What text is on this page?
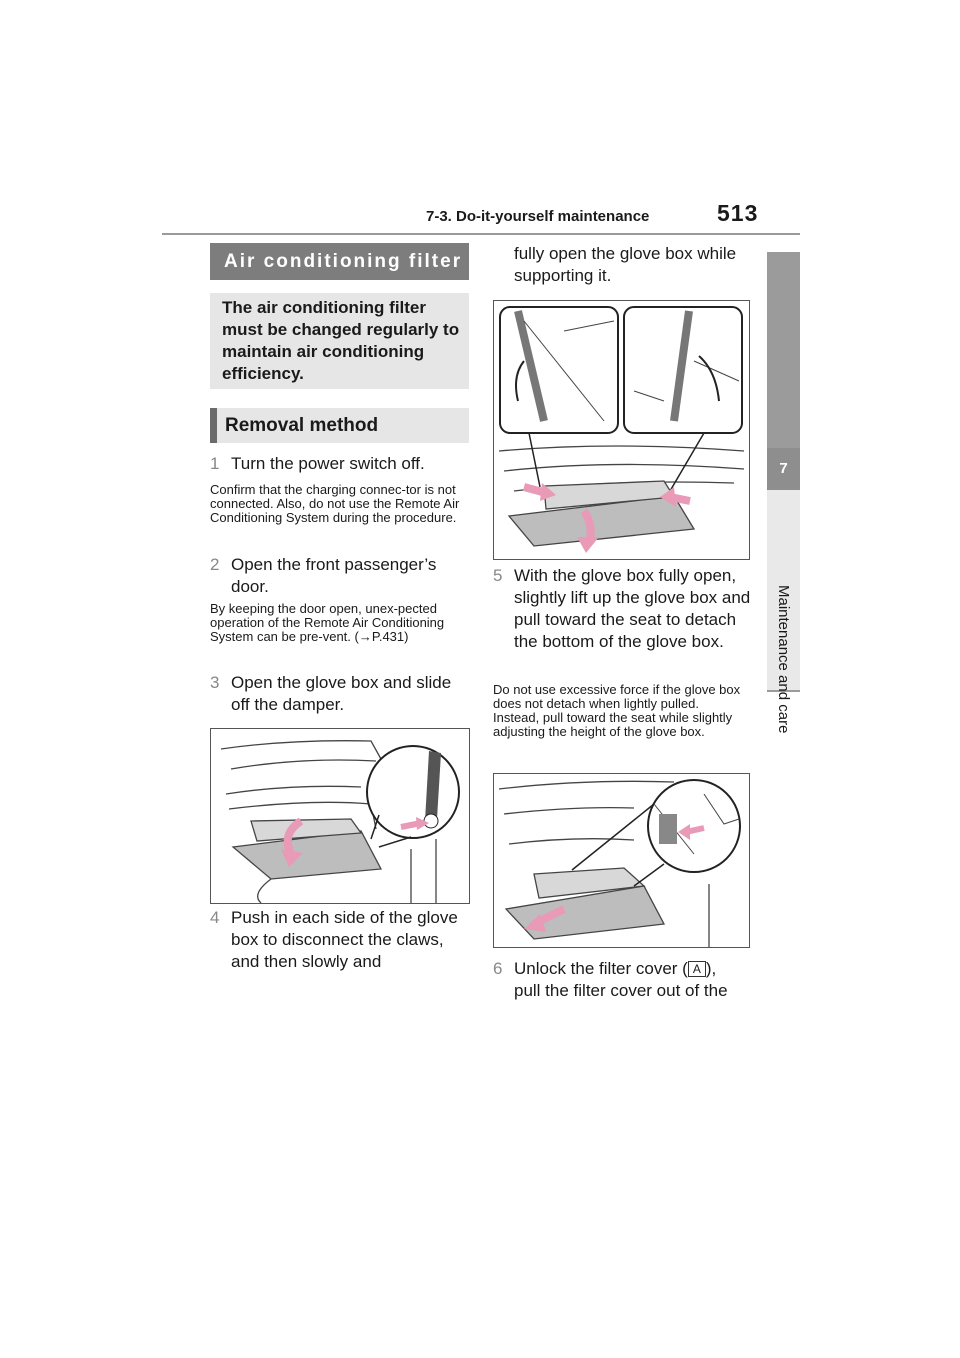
7-3. Do-it-yourself maintenance	513
7
Air conditioning filter
The air conditioning filter must be changed regularly to maintain air conditioning efficiency.
Removal method
1 Turn the power switch off.
Confirm that the charging connec-tor is not connected. Also, do not use the Remote Air Conditioning System during the procedure.
2 Open the front passenger’s door.
By keeping the door open, unex-pected operation of the Remote Air Conditioning System can be pre-vent. (→P.431)
3 Open the glove box and slide off the damper.
4 Push in each side of the glove box to disconnect the claws, and then slowly and
fully open the glove box while supporting it.
5 With the glove box fully open, slightly lift up the glove box and pull toward the seat to detach the bottom of the glove box.
Do not use excessive force if the glove box does not detach when lightly pulled. Instead, pull toward the seat while slightly adjusting the height of the glove box.
6 Unlock the filter cover ( A ),
pull the filter cover out of the
